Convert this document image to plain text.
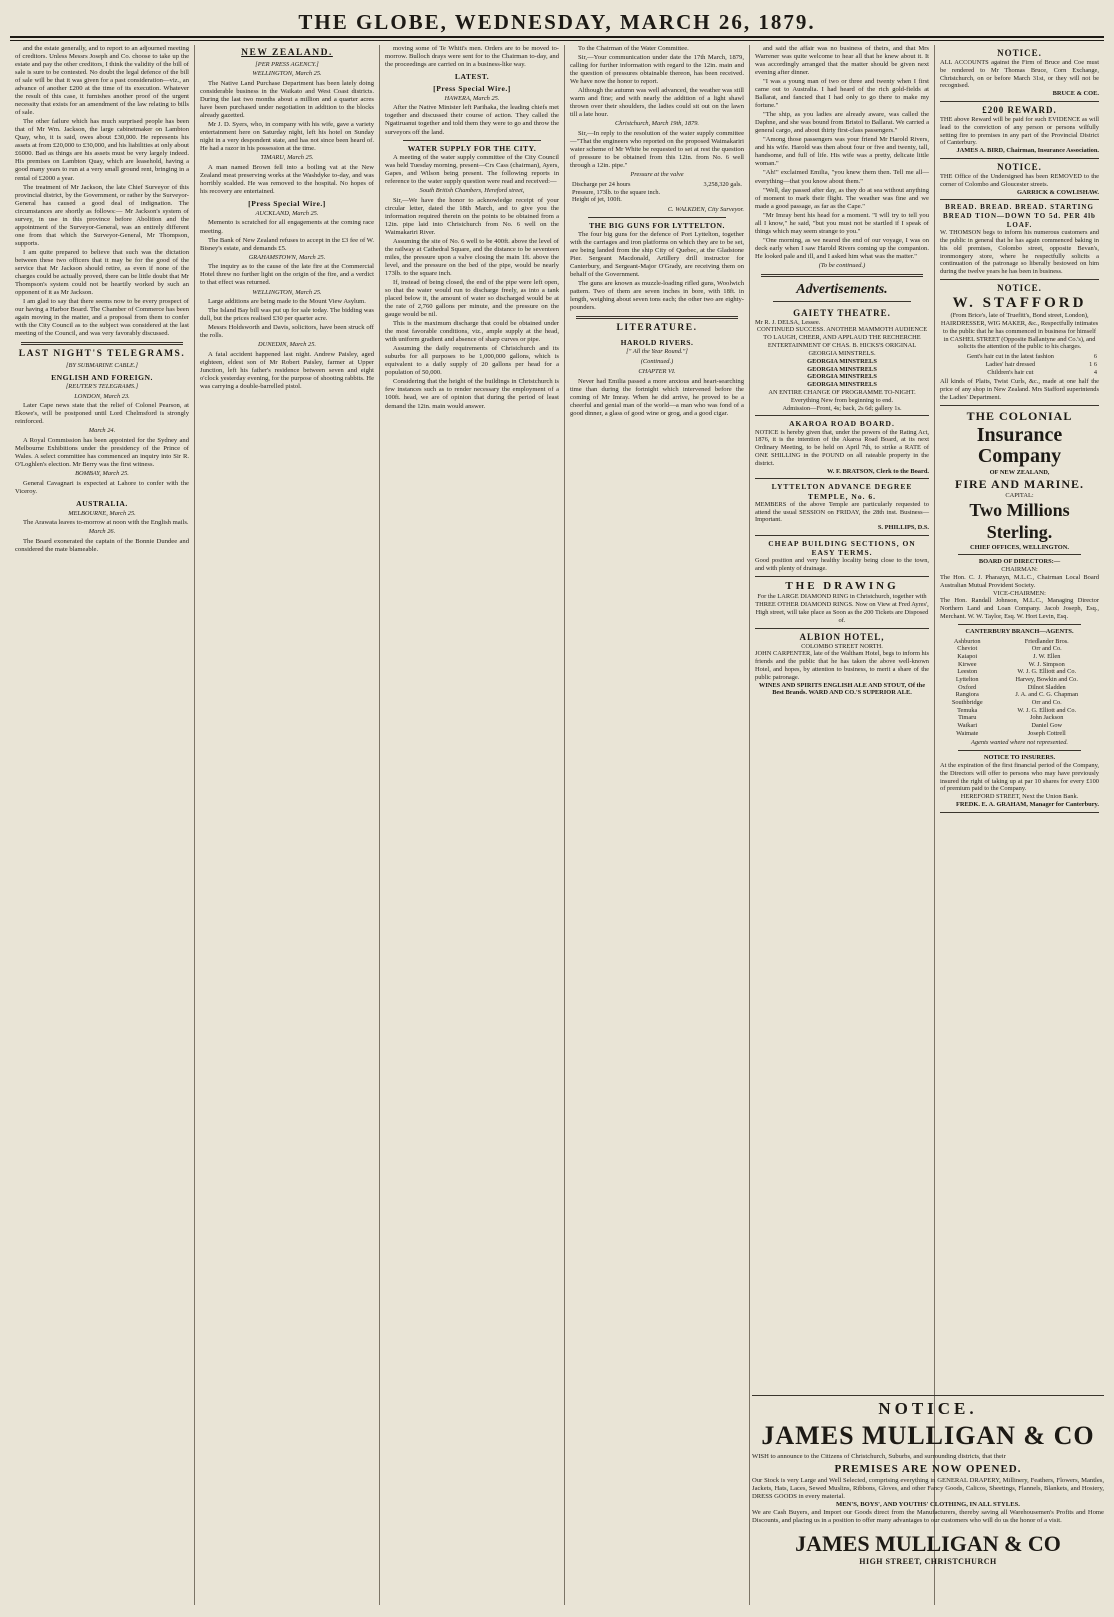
THE GLOBE, WEDNESDAY, MARCH 26, 1879.

and the estate generally, and to report to an adjourned meeting of creditors. Unless Messrs Joseph and Co. choose to take up the estate and pay the other creditors, I think the validity of the bill of sale is sure to be contested. No doubt the legal defence of the bill of sale will be that it was given for a past consideration—viz., an advance of another £200 at the time of its execution. Whatever the result of this case, it furnishes another proof of the urgent necessity that exists for an amendment of the law relating to bills of sale.

The other failure which has much surprised people has been that of Mr Wm. Jackson, the large cabinetmaker on Lambton Quay, who, it is said, owes about £30,000. He represents his assets at from £20,000 to £30,000, and his liabilities at only about £6000. Bad as things are his assets must be very largely indeed. His premises on Lambton Quay, which are leasehold, having a good many years to run at a very small ground rent, bringing in a rental of £2000 a year.

The treatment of Mr Jackson, the late Chief Surveyor of this provincial district, by the Government, or rather by the Surveyor-General has caused a good deal of indignation. The circumstances are shortly as follows:— Mr Jackson's system of survey, in use in this province before Abolition and the appointment of the Surveyor-General, was an entirely different one from that which the Surveyor-General, Mr Thompson, supports.

I am quite prepared to believe that such was the dictation between these two officers that it may be for the good of the service that Mr Jackson should retire, as even if none of the charges could be actually proved, there can be little doubt that Mr Thompson's system could not be heartily worked by such an opponent of it as Mr Jackson.

I am glad to say that there seems now to be every prospect of our having a Harbor Board. The Chamber of Commerce has been again moving in the matter, and a proposal from them to confer with the City Council as to the subject was considered at the last meeting of the Council, and was very favorably discussed.

LAST NIGHT'S TELEGRAMS.
[BY SUBMARINE CABLE.]
ENGLISH AND FOREIGN.
[REUTER'S TELEGRAMS.]
LONDON, March 23.

Later Cape news state that the relief of Colonel Pearson, at Ekowe's, will be postponed until Lord Chelmsford is strongly reinforced.

March 24.

A Royal Commission has been appointed for the Sydney and Melbourne Exhibitions under the presidency of the Prince of Wales. A select committee has commenced an inquiry into Sir R. O'Loghlen's election. Mr Berry was the first witness.

BOMBAY, March 25.

General Cavagnari is expected at Lahore to confer with the Viceroy.

AUSTRALIA.
MELBOURNE, March 25.

The Arawata leaves to-morrow at noon with the English mails.

March 26.

The Board exonerated the captain of the Bonnie Dundee and considered the mate blameable.

NEW ZEALAND.
[PER PRESS AGENCY.]
WELLINGTON, March 25.

The Native Land Purchase Department has been lately doing considerable business in the Waikato and West Coast districts. During the last two months about a million and a quarter acres have been purchased under negotiation in addition to the blocks already gazetted.

Mr J. D. Syers, who, in company with his wife, gave a variety entertainment here on Saturday night, left his hotel on Sunday night in a very despondent state, and has not since been heard of. He had a razor in his possession at the time.

TIMARU, March 25.

A man named Brown fell into a boiling vat at the New Zealand meat preserving works at the Washdyke to-day, and was horribly scalded. He was removed to the hospital. No hopes of his recovery are entertained.

[Press Special Wire.]
AUCKLAND, March 25.

Memento is scratched for all engagements at the coming race meeting.

The Bank of New Zealand refuses to accept in the £3 fee of W. Bisney's estate, and demands £5.

GRAHAMSTOWN, March 25.

The inquiry as to the cause of the late fire at the Commercial Hotel threw no further light on the origin of the fire, and a verdict to that effect was returned.

WELLINGTON, March 25.

Large additions are being made to the Mount View Asylum.

The Island Bay bill was put up for sale today. The bidding was dull, but the prices realised £30 per quarter acre.

Messrs Holdsworth and Davis, solicitors, have been struck off the rolls.

DUNEDIN, March 25.

A fatal accident happened last night. Andrew Paisley, aged eighteen, eldest son of Mr Robert Paisley, farmer at Upper Junction, left his father's residence between seven and eight o'clock yesterday evening, for the purpose of shooting rabbits. He was carrying a double-barrelled pistol.

moving some of Te Whiti's men. Orders are to be moved to-morrow. Bulloch drays were sent for to the Chairman to-day, and the proceedings are carried on in a business-like way.

LATEST.
[Press Special Wire.]
HAWERA, March 25.

After the Native Minister left Parihaka, the leading chiefs met together and discussed their course of action. They called the Ngatiruanui together and told them they were to go and throw the surveyors off the land.

WATER SUPPLY FOR THE CITY.

A meeting of the water supply committee of the City Council was held Tuesday morning, present—Crs Cass (chairman), Ayers, Gapes, and Wilson being present. The following reports in reference to the water supply question were read and received:—

South British Chambers, Hereford street,

Sir,—We have the honor to acknowledge receipt of your circular letter, dated the 18th March, and to give you the information required therein on the points to be obtained from a 12in. pipe laid into Christchurch from No. 6 well on the Waimakariri River.

Assuming the site of No. 6 well to be 400ft. above the level of the railway at Cathedral Square, and the distance to be seventeen miles, the pressure upon a valve closing the main 1ft. above the level, and the pressure on the bed of the pipe, would be nearly 173lb. to the square inch.

If, instead of being closed, the end of the pipe were left open, so that the water would run to discharge freely, as into a tank placed below it, the amount of water so discharged would be at the rate of 2,760 gallons per minute, and the pressure on the gauge would be nil.

This is the maximum discharge that could be obtained under the most favorable conditions, viz., ample supply at the head, with uniform gradient and absence of sharp curves or pipe.

Assuming the daily requirements of Christchurch and its suburbs for all purposes to be 1,000,000 gallons, which is equivalent to a daily supply of 20 gallons per head for a population of 50,000.

Considering that the height of the buildings in Christchurch is few instances such as to render necessary the employment of a 100ft. head, we are of opinion that during the period of least demand the 12in. main would answer.

To the Chairman of the Water Committee.

Sir,—Your communication under date the 17th March, 1879, calling for further information with regard to the 12in. main and the question of pressures obtainable thereon, has been received. We have now the honor to report.

Although the autumn was well advanced, the weather was still warm and fine; and with nearly the addition of a light shawl thrown over their shoulders, the ladies could sit out on the lawn till a late hour.

Christchurch, March 19th, 1879.

Sir,—In reply to the resolution of the water supply committee—"That the engineers who reported on the proposed Waimakariri water scheme of Mr White be requested to set at rest the question of pressure to be obtained from this 12in. from No. 6 well through a 12in. pipe."

Pressure at the valve
Discharge per 24 hours	3,258,320 gals.
Pressure, 173lb. to the square inch.	
Height of jet, 100ft.	
C. WALKDEN, City Surveyor.
THE BIG GUNS FOR LYTTELTON.

The four big guns for the defence of Port Lyttelton, together with the carriages and iron platforms on which they are to be set, are being landed from the ship City of Quebec, at the Gladstone Pier. Sergeant Macdonald, Artillery drill instructor for Canterbury, and Sergeant-Major O'Grady, are receiving them on behalf of the Government.

The guns are known as muzzle-loading rifled guns, Woolwich pattern. Two of them are seven inches in bore, with 18ft. in length, weighing about seven tons each; the other two are eighty-pounders.

LITERATURE.
HAROLD RIVERS.
[" All the Year Round."]
(Continued.)
CHAPTER VI.

Never had Emilia passed a more anxious and heart-searching time than during the fortnight which intervened before the coming of Mr Imray. When he did arrive, he proved to be a cheerful and genial man of the world—a man who was fond of a good dinner, a glass of good wine or grog, and a good cigar.

and said the affair was no business of theirs, and that Mrs Warrener was quite welcome to hear all that he knew about it. It was accordingly arranged that the matter should be given next evening after dinner.

"I was a young man of two or three and twenty when I first came out to Australia. I had heard of the rich gold-fields at Ballarat, and fancied that I had only to go there to make my fortune."

"The ship, as you ladies are already aware, was called the Daphne, and she was bound from Bristol to Ballarat. We carried a general cargo, and about thirty first-class passengers."

"Among those passengers was your friend Mr Harold Rivers, and his wife. Harold was then about four or five and twenty, tall, handsome, and full of life. His wife was a pretty, delicate little woman."

"Ah!" exclaimed Emilia, "you knew them then. Tell me all—everything—that you know about them."

"Well, day passed after day, as they do at sea without anything of moment to mark their flight. The weather was fine and we made a good passage, as far as the Cape."

"Mr Imray bent his head for a moment. "I will try to tell you all I know," he said, "but you must not be startled if I speak of things which may seem strange to you."

"One morning, as we neared the end of our voyage, I was on deck early when I saw Harold Rivers coming up the companion. He looked pale and ill, and I asked him what was the matter."

(To be continued.)
Advertisements.
GAIETY THEATRE.
Mr R. J. DELSA, Lessee.
CONTINUED SUCCESS. ANOTHER MAMMOTH AUDIENCE TO LAUGH, CHEER, AND APPLAUD THE RECHERCHE ENTERTAINMENT OF CHAS. B. HICKS'S ORIGINAL GEORGIA MINSTRELS.
GEORGIA MINSTRELS
GEORGIA MINSTRELS
GEORGIA MINSTRELS
GEORGIA MINSTRELS
AN ENTIRE CHANGE OF PROGRAMME TO-NIGHT. Everything New from beginning to end.
Admission—Front, 4s; back, 2s 6d; gallery 1s.
AKAROA ROAD BOARD.
NOTICE is hereby given that, under the powers of the Rating Act, 1876, it is the intention of the Akaroa Road Board, at its next Ordinary Meeting, to be held on April 7th, to strike a RATE of ONE SHILLING in the POUND on all rateable property in the district.
W. F. BRATSON, Clerk to the Board.
LYTTELTON ADVANCE DEGREE TEMPLE, No. 6.
MEMBERS of the above Temple are particularly requested to attend the usual SESSION on FRIDAY, the 28th inst. Business—Important.
S. PHILLIPS, D.S.
CHEAP BUILDING SECTIONS, ON EASY TERMS.
Good position and very healthy locality being close to the town, and with plenty of drainage.
THE DRAWING
For the LARGE DIAMOND RING in Christchurch, together with THREE OTHER DIAMOND RINGS. Now on View at Fred Ayres', High street, will take place as Soon as the 200 Tickets are Disposed of.
ALBION HOTEL,
COLOMBO STREET NORTH.
JOHN CARPENTER, late of the Waltham Hotel, begs to inform his friends and the public that he has taken the above well-known Hotel, and hopes, by attention to business, to merit a share of the public patronage.
WINES AND SPIRITS ENGLISH ALE AND STOUT, Of the Best Brands. WARD AND CO.'S SUPERIOR ALE.
NOTICE.
ALL ACCOUNTS against the Firm of Bruce and Coe must be rendered to Mr Thomas Bruce, Corn Exchange, Christchurch, on or before March 31st, or they will not be recognised.
BRUCE & COE.
£200 REWARD.
THE above Reward will be paid for such EVIDENCE as will lead to the conviction of any person or persons wilfully setting fire to premises in any part of the Provincial District of Canterbury.
JAMES A. BIRD, Chairman, Insurance Association.
NOTICE.
THE Office of the Undersigned has been REMOVED to the corner of Colombo and Gloucester streets.
GARRICK & COWLISHAW.
BREAD. BREAD. BREAD. STARTING BREAD TION—DOWN TO 5d. PER 4lb LOAF.
W. THOMSON begs to inform his numerous customers and the public in general that he has again commenced baking in his old premises, Colombo street, opposite Bevan's, ironmongery store, where he respectfully solicits a continuation of the patronage so liberally bestowed on him during the twelve years he has been in business.
NOTICE.
W. STAFFORD
(From Brice's, late of Truefitt's, Bond street, London), HAIRDRESSER, WIG MAKER, &c., Respectfully intimates to the public that he has commenced in business for himself in CASHEL STREET (Opposite Ballantyne and Co.'s), and solicits the attention of the public to his charges.
Gent's hair cut in the latest fashion	6
Ladies' hair dressed	1 6
Children's hair cut	4
All kinds of Plaits, Twist Curls, &c., made at one half the price of any shop in New Zealand. Mrs Stafford superintends the Ladies' Department.
THE COLONIAL
Insurance Company
OF NEW ZEALAND,
FIRE AND MARINE.
CAPITAL:
Two Millions Sterling.
CHIEF OFFICES, WELLINGTON.
BOARD OF DIRECTORS:—
CHAIRMAN:
The Hon. C. J. Pharazyn, M.L.C., Chairman Local Board Australian Mutual Provident Society.
VICE-CHAIRMEN:
The Hon. Randall Johnson, M.L.C., Managing Director Northern Land and Loan Company. Jacob Joseph, Esq., Merchant. W. W. Taylor, Esq. W. Hort Levin, Esq.
CANTERBURY BRANCH—AGENTS.
Ashburton	Friedlander Bros.
Cheviot	Orr and Co.
Kaiapoi	J. W. Ellen
Kirwee	W. J. Simpson
Leeston	W. J. G. Elliott and Co.
Lyttelton	Harvey, Bowkin and Co.
Oxford	Dilnot Sladden
Rangiora	J. A. and C. G. Chapman
Southbridge	Orr and Co.
Temuka	W. J. G. Elliott and Co.
Timaru	John Jackson
Waikari	Daniel Gow
Waimate	Joseph Cottrell
Agents wanted where not represented.
NOTICE TO INSURERS.
At the expiration of the first financial period of the Company, the Directors will offer to persons who may have previously insured the right of taking up at par 10 shares for every £100 of premium paid to the Company.
HEREFORD STREET, Next the Union Bank.
FREDK. E. A. GRAHAM, Manager for Canterbury.
NOTICE.
JAMES MULLIGAN & CO
WISH to announce to the Citizens of Christchurch, Suburbs, and surrounding districts, that their
PREMISES ARE NOW OPENED.
Our Stock is very Large and Well Selected, comprising everything in GENERAL DRAPERY, Millinery, Feathers, Flowers, Mantles, Jackets, Hats, Laces, Sewed Muslins, Ribbons, Gloves, and other Fancy Goods, Calicos, Sheetings, Flannels, Blankets, and Hosiery, DRESS GOODS in every material.
MEN'S, BOYS', AND YOUTHS' CLOTHING, IN ALL STYLES.
We are Cash Buyers, and Import our Goods direct from the Manufacturers, thereby saving all Warehousemen's Profits and Home Discounts, and placing us in a position to offer many advantages to our customers who will do us the honor of a visit.
JAMES MULLIGAN & CO
HIGH STREET, CHRISTCHURCH
